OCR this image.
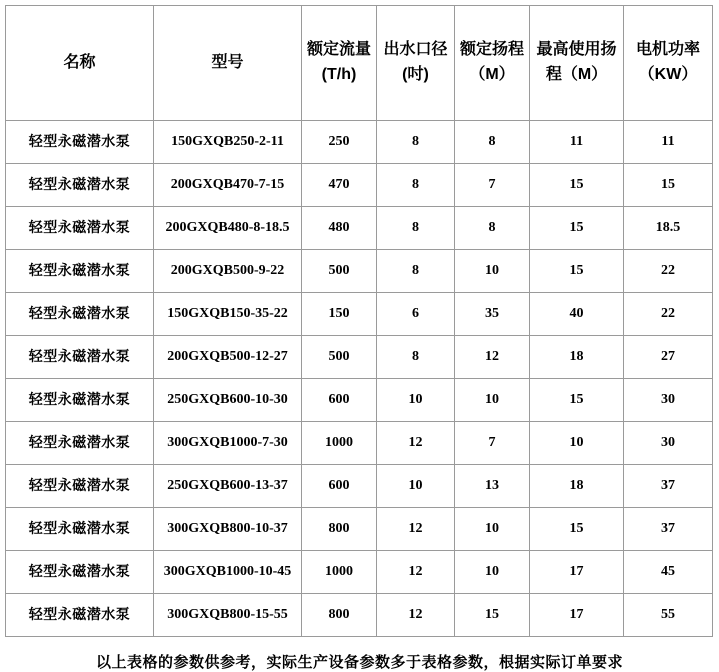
名称	型号	额定流量(T/h)	出水口径(吋)	额定扬程（M）	最高使用扬程（M）	电机功率（KW）
轻型永磁潜水泵	150GXQB250-2-11	250	8	8	11	11
轻型永磁潜水泵	200GXQB470-7-15	470	8	7	15	15
轻型永磁潜水泵	200GXQB480-8-18.5	480	8	8	15	18.5
轻型永磁潜水泵	200GXQB500-9-22	500	8	10	15	22
轻型永磁潜水泵	150GXQB150-35-22	150	6	35	40	22
轻型永磁潜水泵	200GXQB500-12-27	500	8	12	18	27
轻型永磁潜水泵	250GXQB600-10-30	600	10	10	15	30
轻型永磁潜水泵	300GXQB1000-7-30	1000	12	7	10	30
轻型永磁潜水泵	250GXQB600-13-37	600	10	13	18	37
轻型永磁潜水泵	300GXQB800-10-37	800	12	10	15	37
轻型永磁潜水泵	300GXQB1000-10-45	1000	12	10	17	45
轻型永磁潜水泵	300GXQB800-15-55	800	12	15	17	55
以上表格的参数供参考，实际生产设备参数多于表格参数，根据实际订单要求
